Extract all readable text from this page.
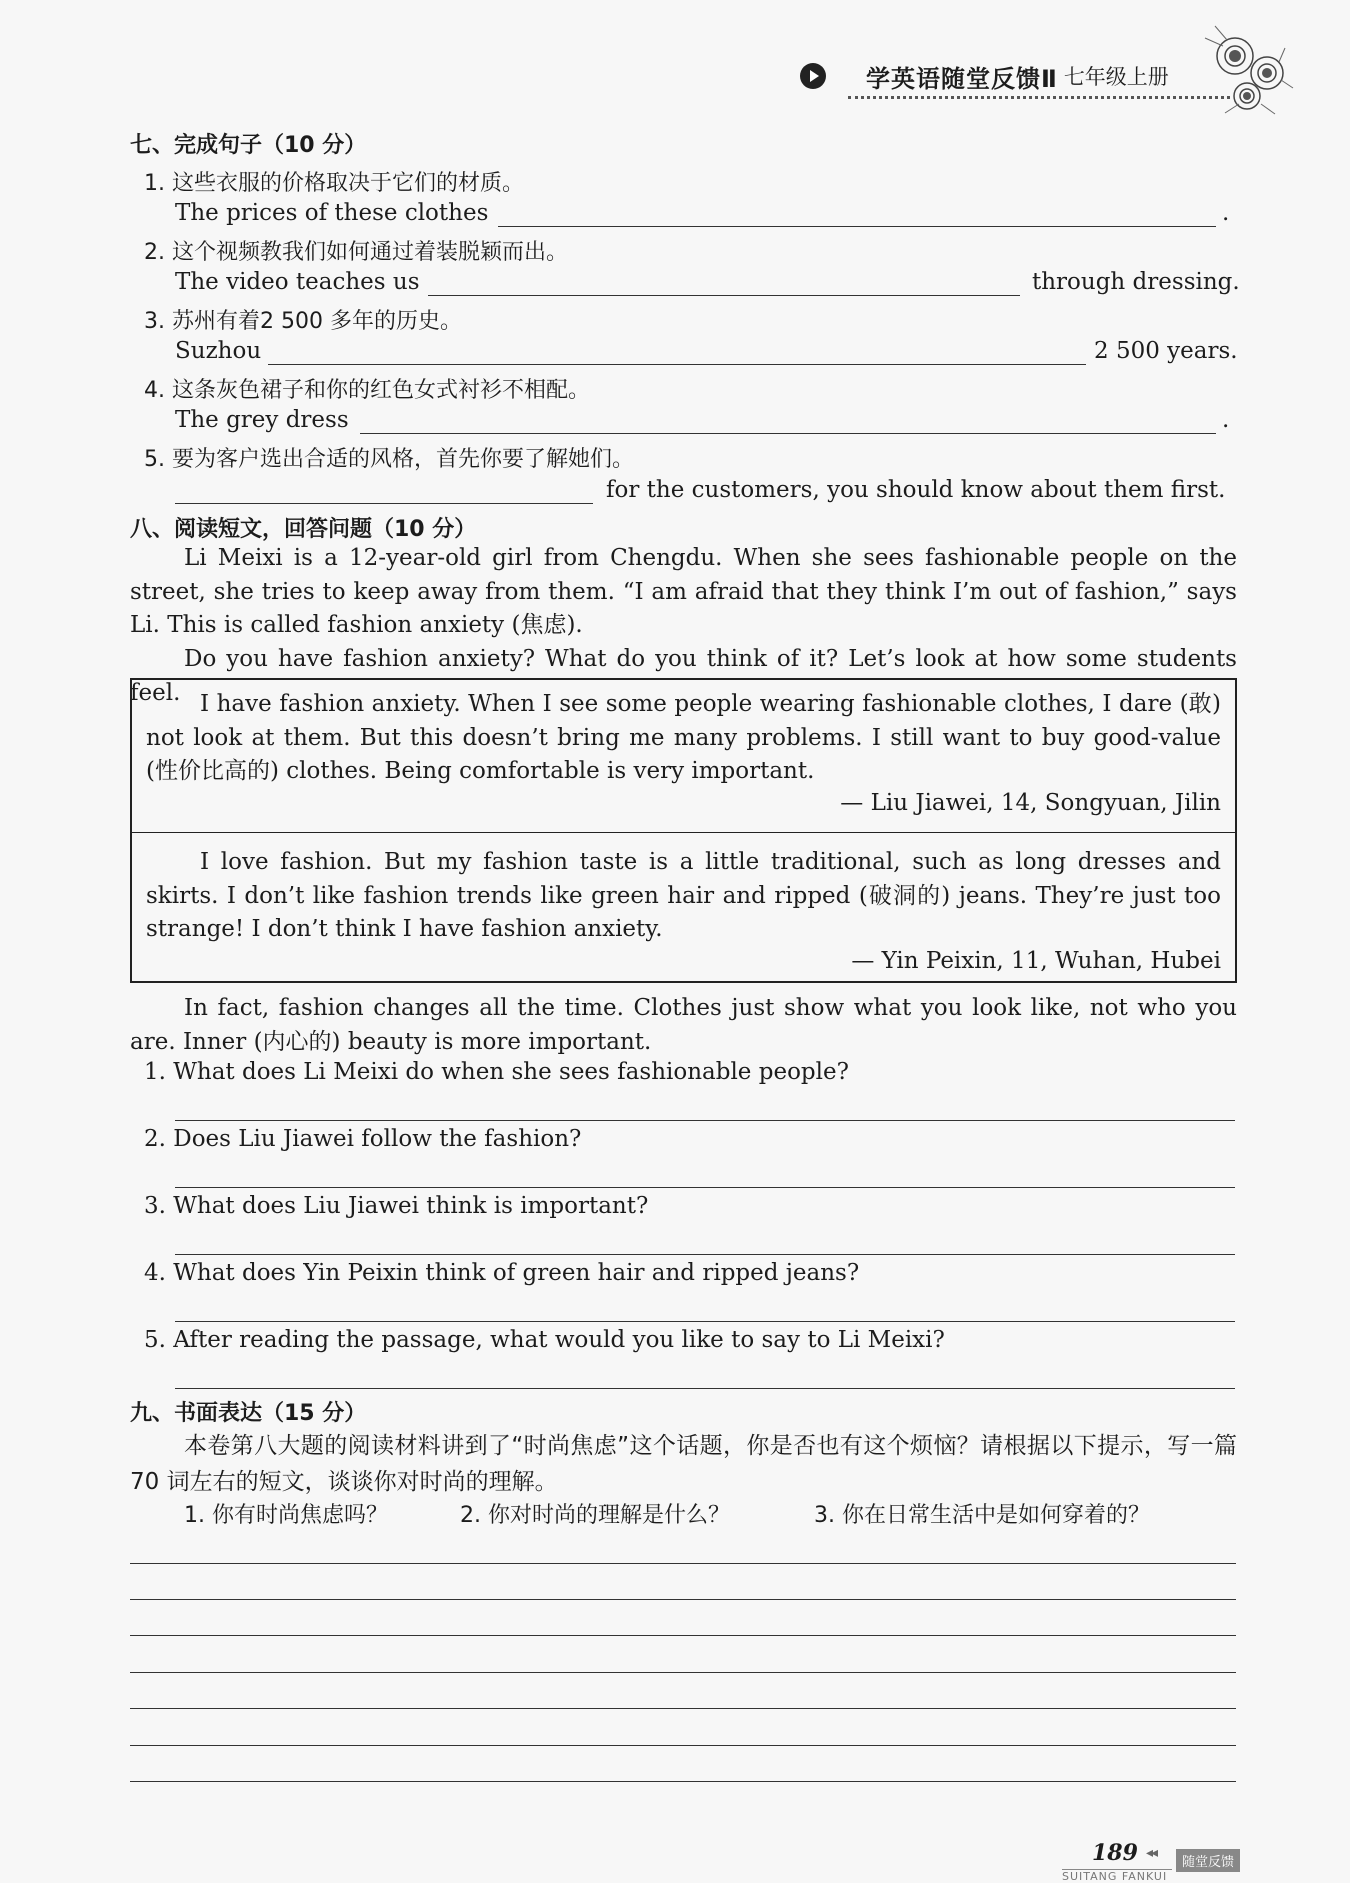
学英语随堂反馈Ⅱ 七年级上册
七、完成句子（10 分）
1. 这些衣服的价格取决于它们的材质。
The prices of these clothes	.
2. 这个视频教我们如何通过着装脱颖而出。
The video teaches us	through dressing.
3. 苏州有着2 500 多年的历史。
Suzhou	2 500 years.
4. 这条灰色裙子和你的红色女式衬衫不相配。
The grey dress	.
5. 要为客户选出合适的风格，首先你要了解她们。
for the customers, you should know about them first.
八、阅读短文，回答问题（10 分）
Li Meixi is a 12-year-old girl from Chengdu. When she sees fashionable people on the street, she tries to keep away from them. “I am afraid that they think I’m out of fashion,” says Li. This is called fashion anxiety (焦虑).
Do you have fashion anxiety? What do you think of it? Let’s look at how some students feel. I have fashion anxiety. When I see some people wearing fashionable clothes, I dare (敢) not look at them. But this doesn’t bring me many problems. I still want to buy good-value (性价比高的) clothes. Being comfortable is very important.
— Liu Jiawei, 14, Songyuan, Jilin
I love fashion. But my fashion taste is a little traditional, such as long dresses and skirts. I don’t like fashion trends like green hair and ripped (破洞的) jeans. They’re just too strange! I don’t think I have fashion anxiety.
— Yin Peixin, 11, Wuhan, Hubei
In fact, fashion changes all the time. Clothes just show what you look like, not who you are. Inner (内心的) beauty is more important.
1. What does Li Meixi do when she sees fashionable people?
2. Does Liu Jiawei follow the fashion?
3. What does Liu Jiawei think is important?
4. What does Yin Peixin think of green hair and ripped jeans?
5. After reading the passage, what would you like to say to Li Meixi?
九、书面表达（15 分）
本卷第八大题的阅读材料讲到了“时尚焦虑”这个话题，你是否也有这个烦恼？请根据以下提示，写一篇 70 词左右的短文，谈谈你对时尚的理解。
1. 你有时尚焦虑吗？	2. 你对时尚的理解是什么？	3. 你在日常生活中是如何穿着的？
189 ◂◂
SUITANG FANKUI
随堂反馈
